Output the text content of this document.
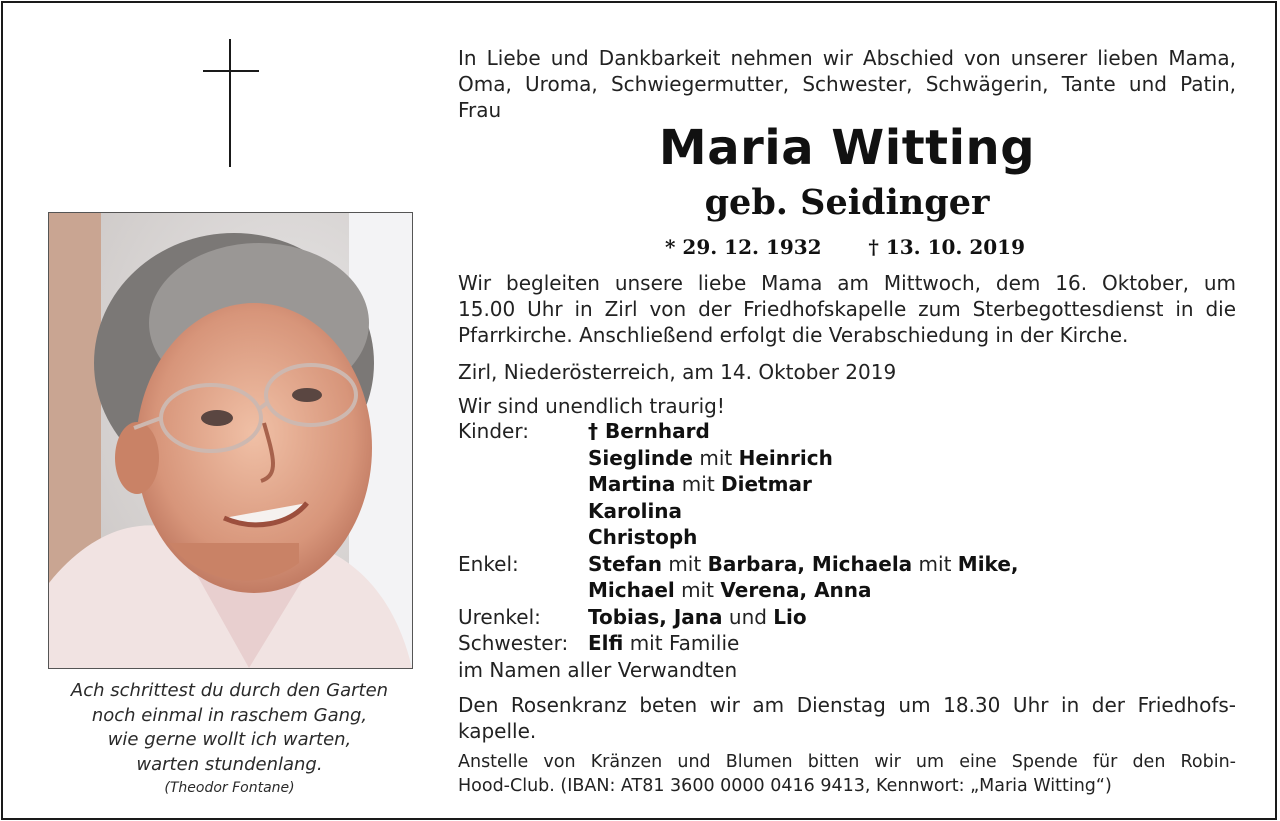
Ach schrittest du durch den Garten
noch einmal in raschem Gang,
wie gerne wollt ich warten,
warten stundenlang.
(Theodor Fontane)
In Liebe und Dankbarkeit nehmen wir Abschied von unserer lieben Mama,
Oma, Uroma, Schwiegermutter, Schwester, Schwägerin, Tante und Patin,
Frau
Maria Witting
geb. Seidinger
* 29. 12. 1932 † 13. 10. 2019
Wir begleiten unsere liebe Mama am Mittwoch, dem 16. Oktober, um
15.00 Uhr in Zirl von der Friedhofskapelle zum Sterbegottesdienst in die
Pfarrkirche. Anschließend erfolgt die Verabschiedung in der Kirche.
Zirl, Niederösterreich, am 14. Oktober 2019
Wir sind unendlich traurig!
Kinder:	† Bernhard
Sieglinde mit Heinrich
Martina mit Dietmar
Karolina
Christoph
Enkel:	Stefan mit Barbara, Michaela mit Mike,
Michael mit Verena, Anna
Urenkel: Tobias, Jana und Lio
Schwester: Elfi mit Familie
im Namen aller Verwandten
Den Rosenkranz beten wir am Dienstag um 18.30 Uhr in der Friedhofs-
kapelle.
Anstelle von Kränzen und Blumen bitten wir um eine Spende für den Robin-
Hood-Club. (IBAN: AT81 3600 0000 0416 9413, Kennwort: „Maria Witting“)
